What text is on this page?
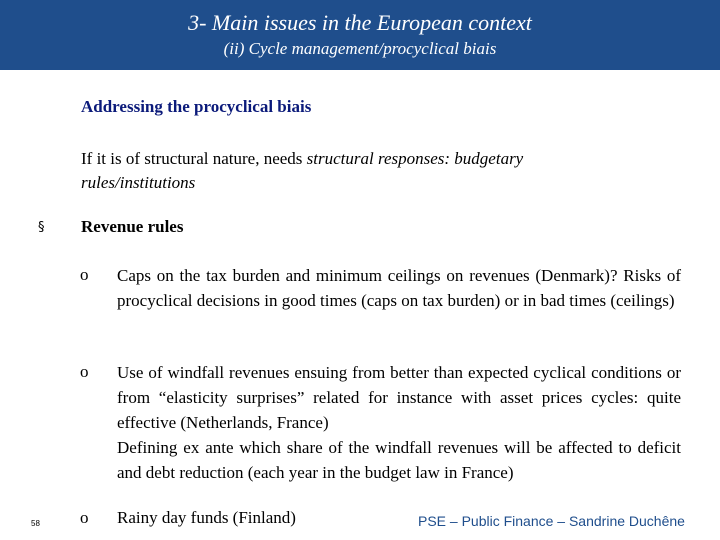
3- Main issues in the European context
(ii) Cycle management/procyclical biais
Addressing the procyclical biais
If it is of structural nature, needs structural responses: budgetary rules/institutions
§ Revenue rules
o Caps on the tax burden and minimum ceilings on revenues (Denmark)? Risks of procyclical decisions in good times (caps on tax burden) or in bad times (ceilings)

o Use of windfall revenues ensuing from better than expected cyclical conditions or from “elasticity surprises” related for instance with asset prices cycles: quite effective (Netherlands, France)

Defining ex ante which share of the windfall revenues will be affected to deficit and debt reduction (each year in the budget law in France)

o Rainy day funds (Finland)

58	PSE – Public Finance – Sandrine Duchêne
